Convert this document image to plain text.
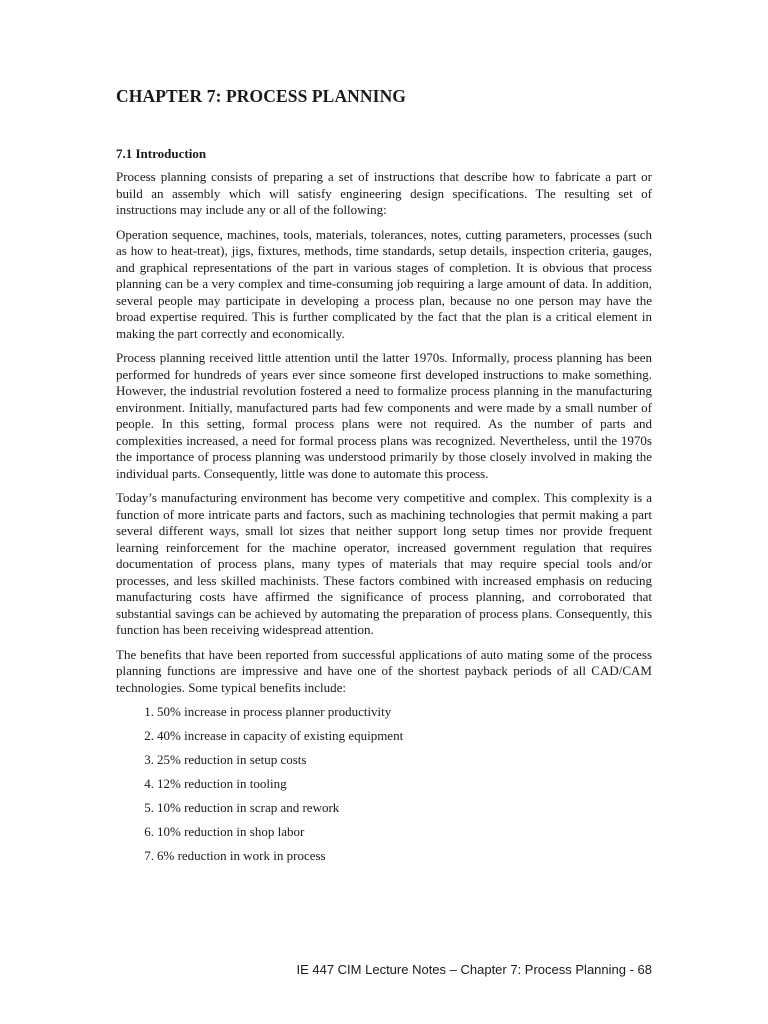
CHAPTER 7: PROCESS PLANNING
7.1 Introduction

Process planning consists of preparing a set of instructions that describe how to fabricate a part or build an assembly which will satisfy engineering design specifications. The resulting set of instructions may include any or all of the following:

Operation sequence, machines, tools, materials, tolerances, notes, cutting parameters, processes (such as how to heat-treat), jigs, fixtures, methods, time standards, setup details, inspection criteria, gauges, and graphical representations of the part in various stages of completion. It is obvious that process planning can be a very complex and time-consuming job requiring a large amount of data. In addition, several people may participate in developing a process plan, because no one person may have the broad expertise required. This is further complicated by the fact that the plan is a critical element in making the part correctly and economically.

Process planning received little attention until the latter 1970s. Informally, process planning has been performed for hundreds of years ever since someone first developed instructions to make something. However, the industrial revolution fostered a need to formalize process planning in the manufacturing environment. Initially, manufactured parts had few components and were made by a small number of people. In this setting, formal process plans were not required. As the number of parts and complexities increased, a need for formal process plans was recognized. Nevertheless, until the 1970s the importance of process planning was understood primarily by those closely involved in making the individual parts. Consequently, little was done to automate this process.

Today’s manufacturing environment has become very competitive and complex. This complexity is a function of more intricate parts and factors, such as machining technologies that permit making a part several different ways, small lot sizes that neither support long setup times nor provide frequent learning reinforcement for the machine operator, increased government regulation that requires documentation of process plans, many types of materials that may require special tools and/or processes, and less skilled machinists. These factors combined with increased emphasis on reducing manufacturing costs have affirmed the significance of process planning, and corroborated that substantial savings can be achieved by automating the preparation of process plans. Consequently, this function has been receiving widespread attention.

The benefits that have been reported from successful applications of auto mating some of the process planning functions are impressive and have one of the shortest payback periods of all CAD/CAM technologies. Some typical benefits include:

1. 50% increase in process planner productivity
2. 40% increase in capacity of existing equipment
3. 25% reduction in setup costs
4. 12% reduction in tooling
5. 10% reduction in scrap and rework
6. 10% reduction in shop labor
7. 6% reduction in work in process
IE 447 CIM Lecture Notes – Chapter 7: Process Planning - 68
